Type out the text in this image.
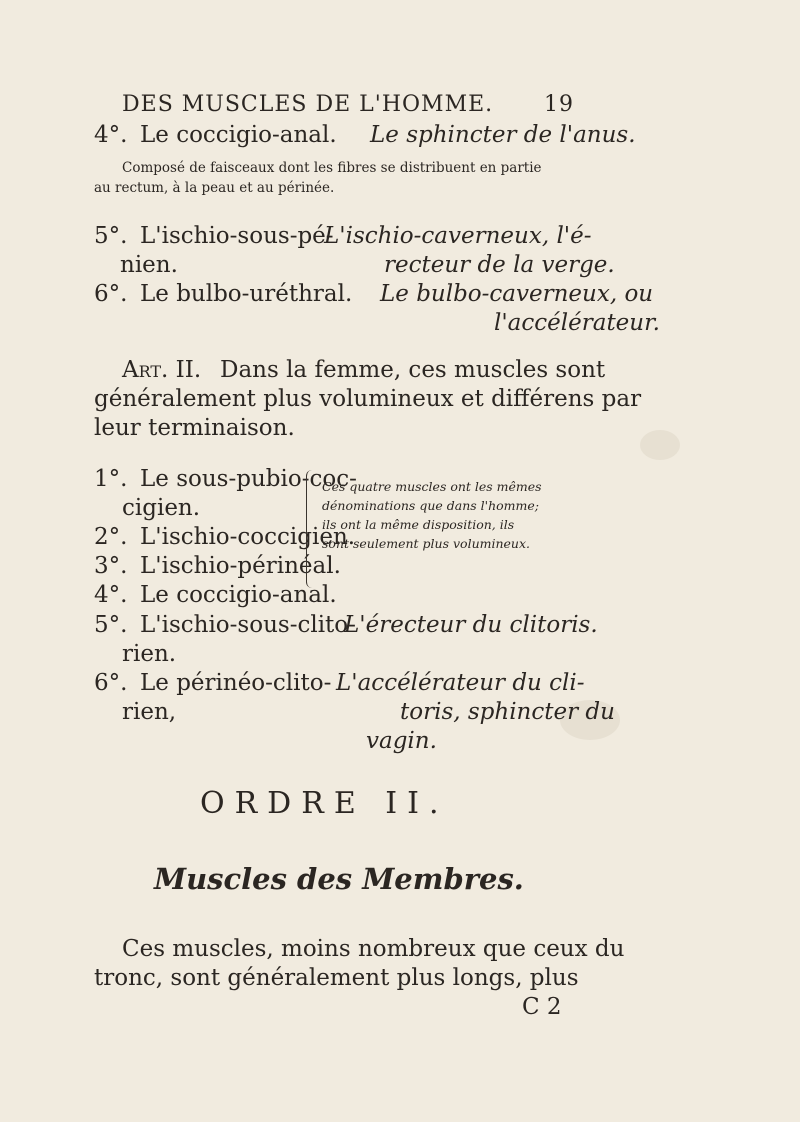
DES MUSCLES DE L'HOMME. 19
4°. Le coccigio-anal. Le sphincter de l'anus.
Composé de faisceaux dont les fibres se distribuent en partie
au rectum, à la peau et au périnée.
5°. L'ischio-sous-pé-
nien.
L'ischio-caverneux, l'é-
recteur de la verge.
6°. Le bulbo-uréthral. Le bulbo-caverneux, ou
l'accélérateur.
Art. II. Dans la femme, ces muscles sont
généralement plus volumineux et différens par
leur terminaison.
1°. Le sous-pubio-coc-
cigien.
2°. L'ischio-coccigien.
3°. L'ischio-périnéal.
4°. Le coccigio-anal.
Ces quatre muscles ont les mêmes
dénominations que dans l'homme;
ils ont la même disposition, ils
sont seulement plus volumineux.
5°. L'ischio-sous-clito-
rien.
L'érecteur du clitoris.
6°. Le périnéo-clito-
rien,
L'accélérateur du cli-
toris, sphincter du
vagin.
ORDRE II.
Muscles des Membres.
Ces muscles, moins nombreux que ceux du
tronc, sont généralement plus longs, plus
C 2
